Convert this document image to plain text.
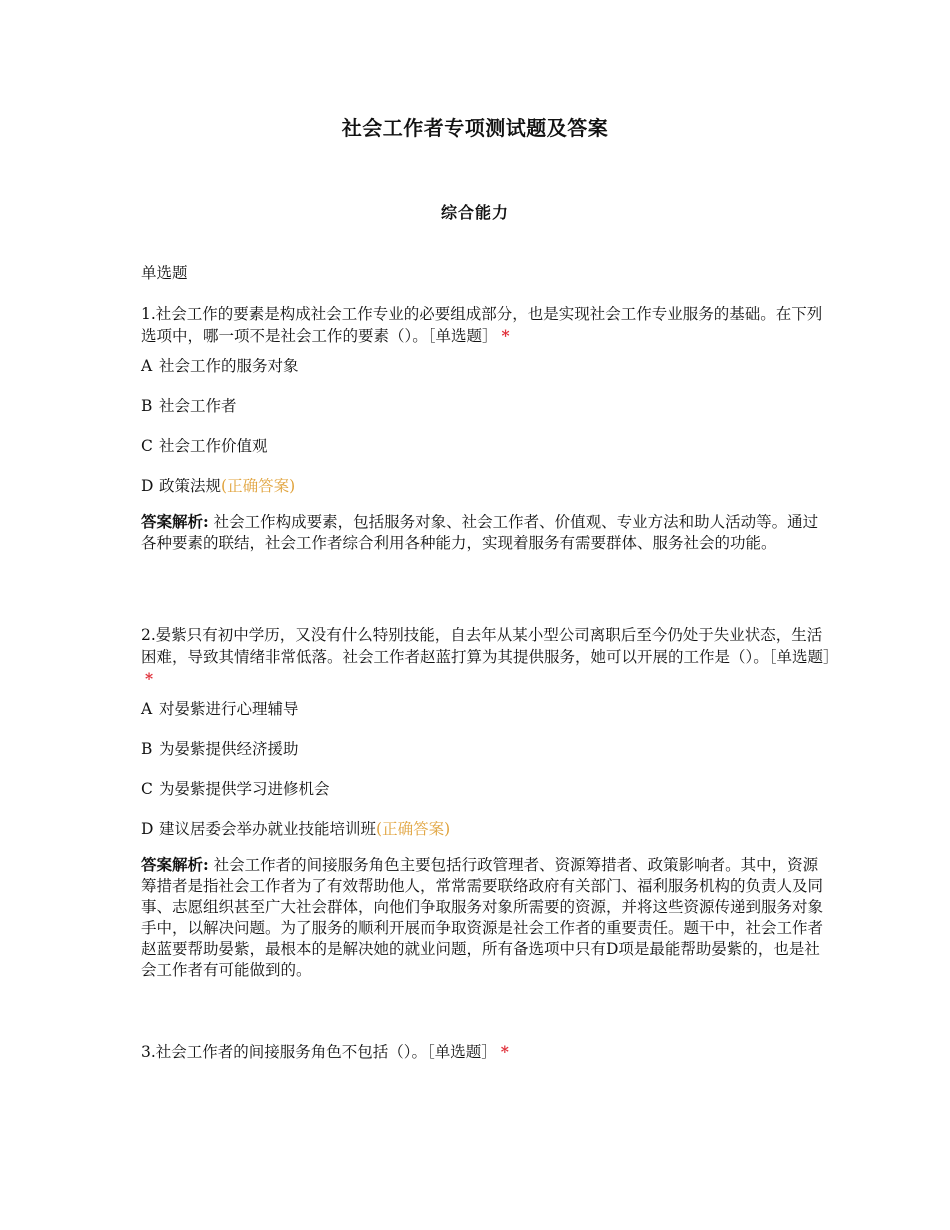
社会工作者专项测试题及答案
综合能力
单选题
1.社会工作的要素是构成社会工作专业的必要组成部分，也是实现社会工作专业服务的基础。在下列选项中，哪一项不是社会工作的要素（）。［单选题］ *
A 社会工作的服务对象
B 社会工作者
C 社会工作价值观
D 政策法规(正确答案)
答案解析: 社会工作构成要素，包括服务对象、社会工作者、价值观、专业方法和助人活动等。通过各种要素的联结，社会工作者综合利用各种能力，实现着服务有需要群体、服务社会的功能。
2.晏紫只有初中学历，又没有什么特别技能，自去年从某小型公司离职后至今仍处于失业状态，生活困难，导致其情绪非常低落。社会工作者赵蓝打算为其提供服务，她可以开展的工作是（）。［单选题］*
A 对晏紫进行心理辅导
B 为晏紫提供经济援助
C 为晏紫提供学习进修机会
D 建议居委会举办就业技能培训班(正确答案)
答案解析: 社会工作者的间接服务角色主要包括行政管理者、资源筹措者、政策影响者。其中，资源筹措者是指社会工作者为了有效帮助他人，常常需要联络政府有关部门、福利服务机构的负责人及同事、志愿组织甚至广大社会群体，向他们争取服务对象所需要的资源，并将这些资源传递到服务对象手中，以解决问题。为了服务的顺利开展而争取资源是社会工作者的重要责任。题干中，社会工作者赵蓝要帮助晏紫，最根本的是解决她的就业问题，所有备选项中只有D项是最能帮助晏紫的，也是社会工作者有可能做到的。
3.社会工作者的间接服务角色不包括（）。［单选题］ *
